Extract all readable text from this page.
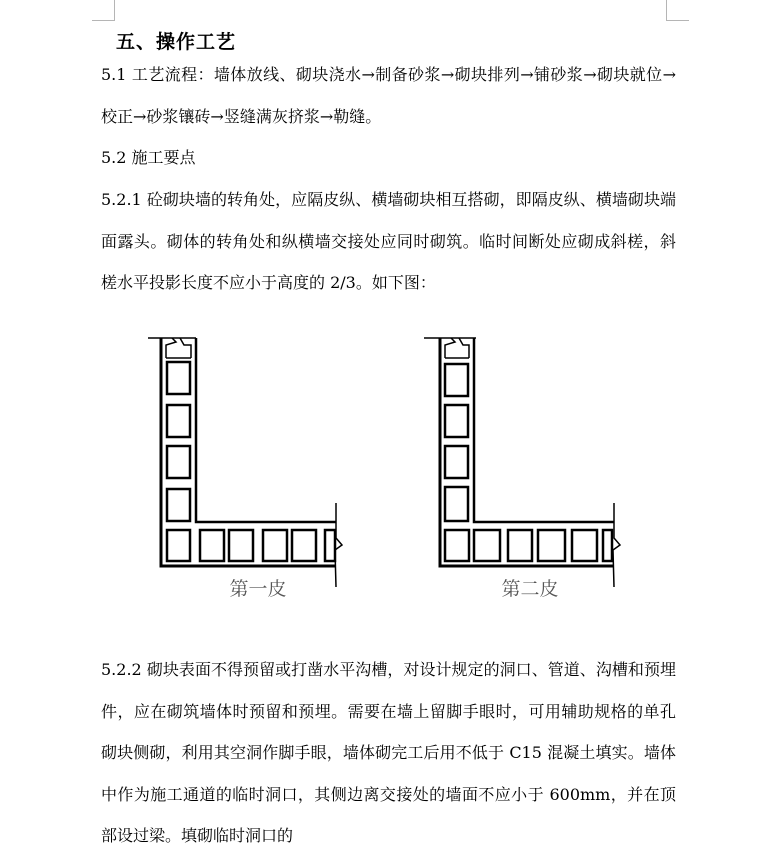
五、操作工艺

5.1 工艺流程：墙体放线、砌块浇水→制备砂浆→砌块排列→铺砂浆→砌块就位→校正→砂浆镶砖→竖缝满灰挤浆→勒缝。

5.2 施工要点

5.2.1 砼砌块墙的转角处，应隔皮纵、横墙砌块相互搭砌，即隔皮纵、横墙砌块端面露头。砌体的转角处和纵横墙交接处应同时砌筑。临时间断处应砌成斜槎，斜槎水平投影长度不应小于高度的 2/3。如下图：

第一皮	第二皮

5.2.2 砌块表面不得预留或打凿水平沟槽，对设计规定的洞口、管道、沟槽和预埋件，应在砌筑墙体时预留和预埋。需要在墙上留脚手眼时，可用辅助规格的单孔砌块侧砌，利用其空洞作脚手眼，墙体砌完工后用不低于 C15 混凝土填实。墙体中作为施工通道的临时洞口，其侧边离交接处的墙面不应小于 600mm，并在顶部设过梁。填砌临时洞口的
